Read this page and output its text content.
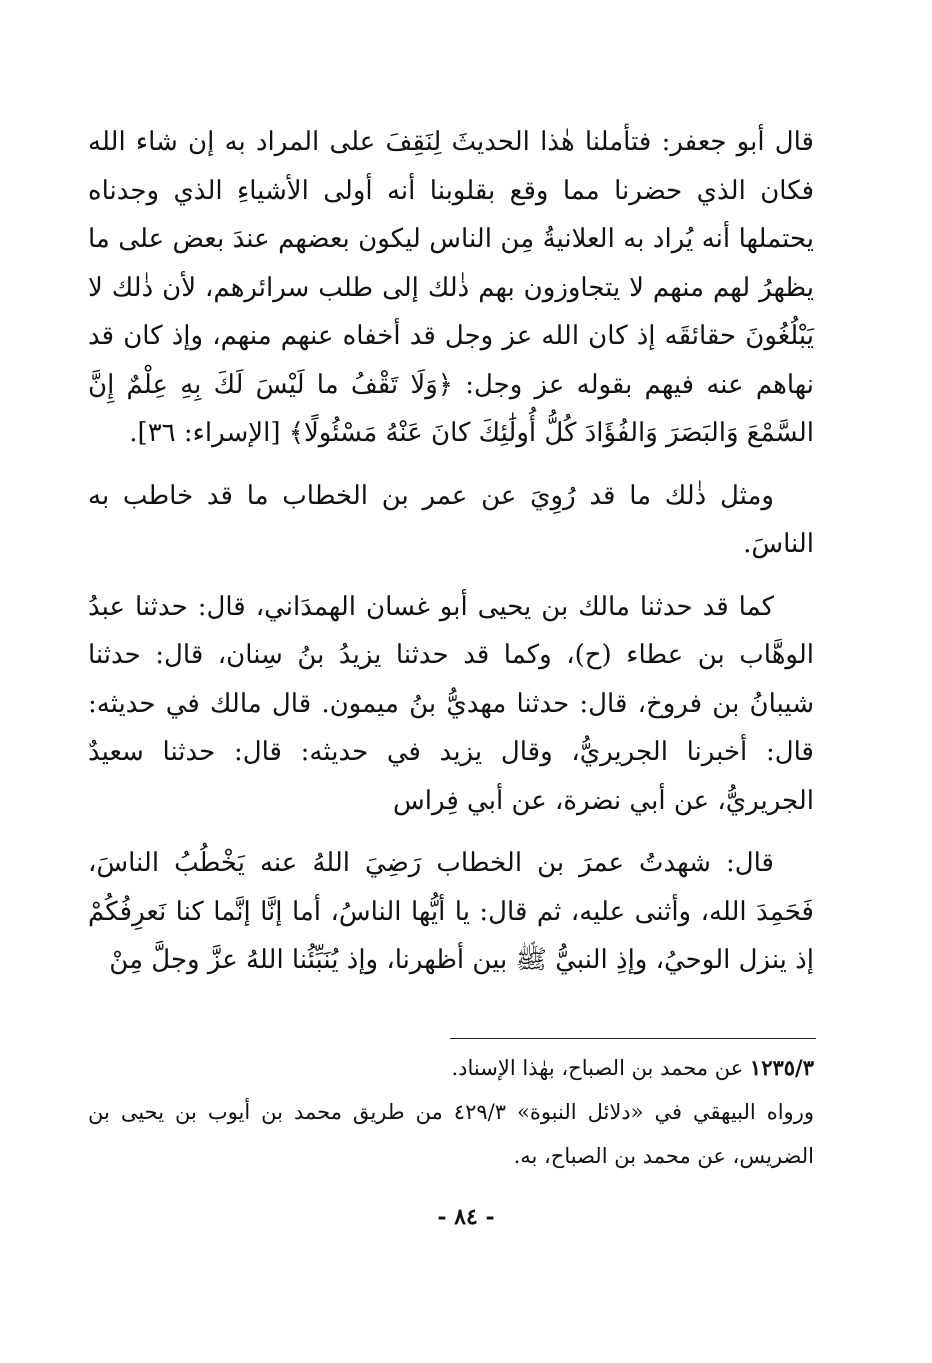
قال أبو جعفر: فتأملنا هٰذا الحديثَ لِنَقِفَ على المراد به إن شاء الله فكان الذي حضرنا مما وقع بقلوبنا أنه أولى الأشياءِ الذي وجدناه يحتملها أنه يُراد به العلانيةُ مِن الناس ليكون بعضهم عندَ بعض على ما يظهرُ لهم منهم لا يتجاوزون بهم ذٰلك إلى طلب سرائرهم، لأن ذٰلك لا يَبْلُغُونَ حقائقَه إذ كان الله عز وجل قد أخفاه عنهم منهم، وإذ كان قد نهاهم عنه فيهم بقوله عز وجل: ﴿وَلَا تَقْفُ ما لَيْسَ لَكَ بِهِ عِلْمٌ إِنَّ السَّمْعَ وَالبَصَرَ وَالفُؤَادَ كُلُّ أُولَٰئِكَ كانَ عَنْهُ مَسْئُولًا﴾ [الإسراء: ٣٦].

ومثل ذٰلك ما قد رُوِيَ عن عمر بن الخطاب ما قد خاطب به الناسَ.

كما قد حدثنا مالك بن يحيى أبو غسان الهمدَاني، قال: حدثنا عبدُ الوهَّاب بن عطاء (ح)، وكما قد حدثنا يزيدُ بنُ سِنان، قال: حدثنا شيبانُ بن فروخ، قال: حدثنا مهديُّ بنُ ميمون. قال مالك في حديثه: قال: أخبرنا الجريريُّ، وقال يزيد في حديثه: قال: حدثنا سعيدٌ الجريريُّ، عن أبي نضرة، عن أبي فِراس

قال: شهدتُ عمرَ بن الخطاب رَضِيَ اللهُ عنه يَخْطُبُ الناسَ، فَحَمِدَ الله، وأثنى عليه، ثم قال: يا أيُّها الناسُ، أما إنَّا إنَّما كنا نَعرِفُكُمْ إذ ينزل الوحيُ، وإذِ النبيُّ ﷺ بين أظهرنا، وإذ يُنَبِّئُنا اللهُ عزَّ وجلَّ مِنْ

١٢٣٥/٣ عن محمد بن الصباح، بهٰذا الإسناد.

ورواه البيهقي في «دلائل النبوة» ٤٢٩/٣ من طريق محمد بن أيوب بن يحيى بن الضريس، عن محمد بن الصباح، به.

- ٨٤ -
